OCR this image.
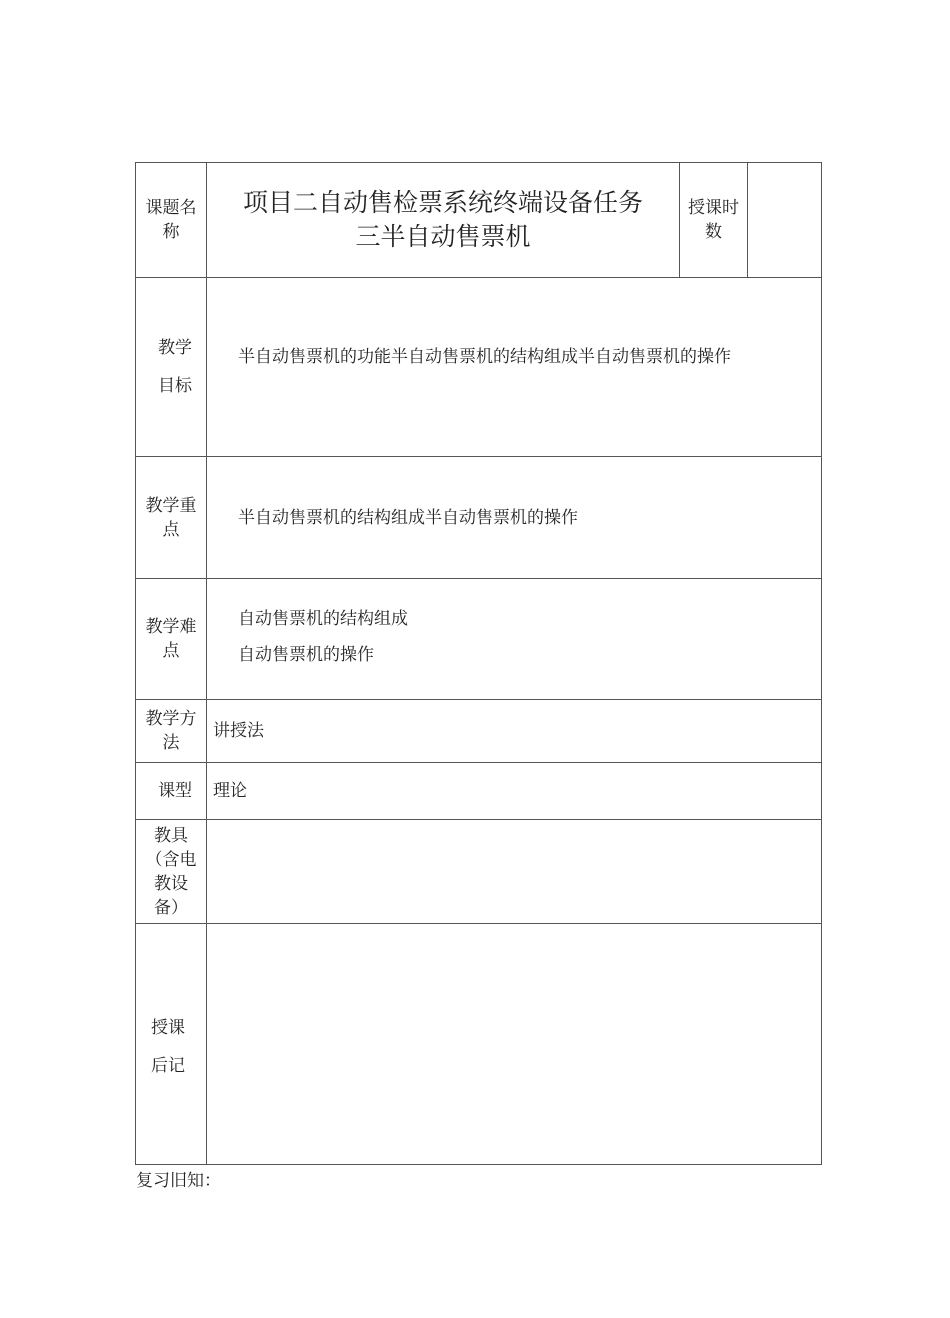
课题名
称
项目二自动售检票系统终端设备任务
三半自动售票机
授课时
数
教学
目标
半自动售票机的功能半自动售票机的结构组成半自动售票机的操作
教学重
点
半自动售票机的结构组成半自动售票机的操作
教学难
点
自动售票机的结构组成
自动售票机的操作
教学方
法
讲授法
课型 理论
教具
（含电
教设
备）
授课
后记
复习旧知：
